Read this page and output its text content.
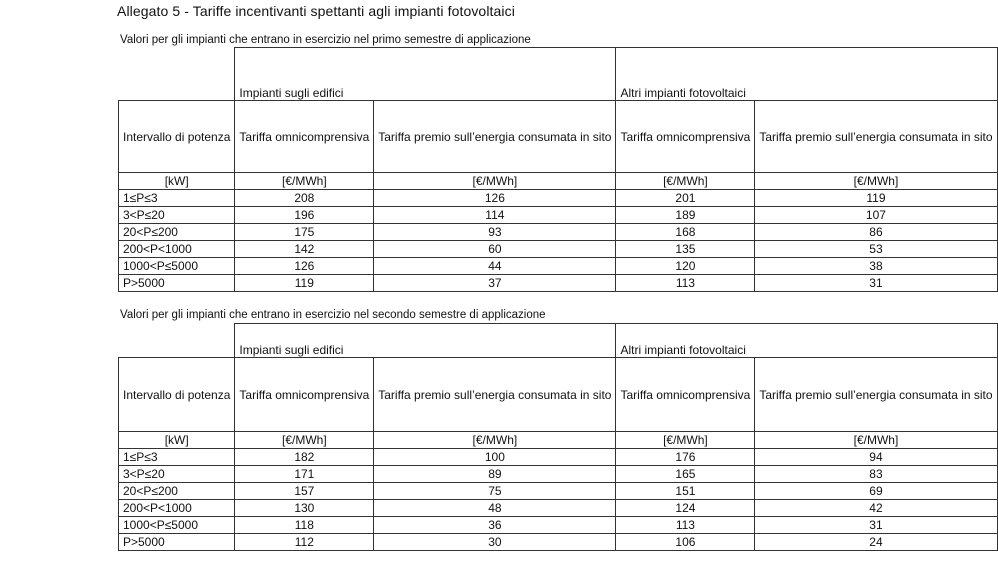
Allegato 5 - Tariffe incentivanti spettanti agli impianti fotovoltaici
Valori per gli impianti che entrano in esercizio nel primo semestre di applicazione
	Impianti sugli edifici		Altri impianti fotovoltaici	
Intervallo di potenza	Tariffa omnicomprensiva	Tariffa premio sull’energia consumata in sito	Tariffa omnicomprensiva	Tariffa premio sull’energia consumata in sito
[kW]	[€/MWh]	[€/MWh]	[€/MWh]	[€/MWh]
1≤P≤3	208	126	201	119
3<P≤20	196	114	189	107
20<P≤200	175	93	168	86
200<P<1000	142	60	135	53
1000<P≤5000	126	44	120	38
P>5000	119	37	113	31
Valori per gli impianti che entrano in esercizio nel secondo semestre di applicazione
	Impianti sugli edifici		Altri impianti fotovoltaici	
Intervallo di potenza	Tariffa omnicomprensiva	Tariffa premio sull’energia consumata in sito	Tariffa omnicomprensiva	Tariffa premio sull’energia consumata in sito
[kW]	[€/MWh]	[€/MWh]	[€/MWh]	[€/MWh]
1≤P≤3	182	100	176	94
3<P≤20	171	89	165	83
20<P≤200	157	75	151	69
200<P<1000	130	48	124	42
1000<P≤5000	118	36	113	31
P>5000	112	30	106	24
